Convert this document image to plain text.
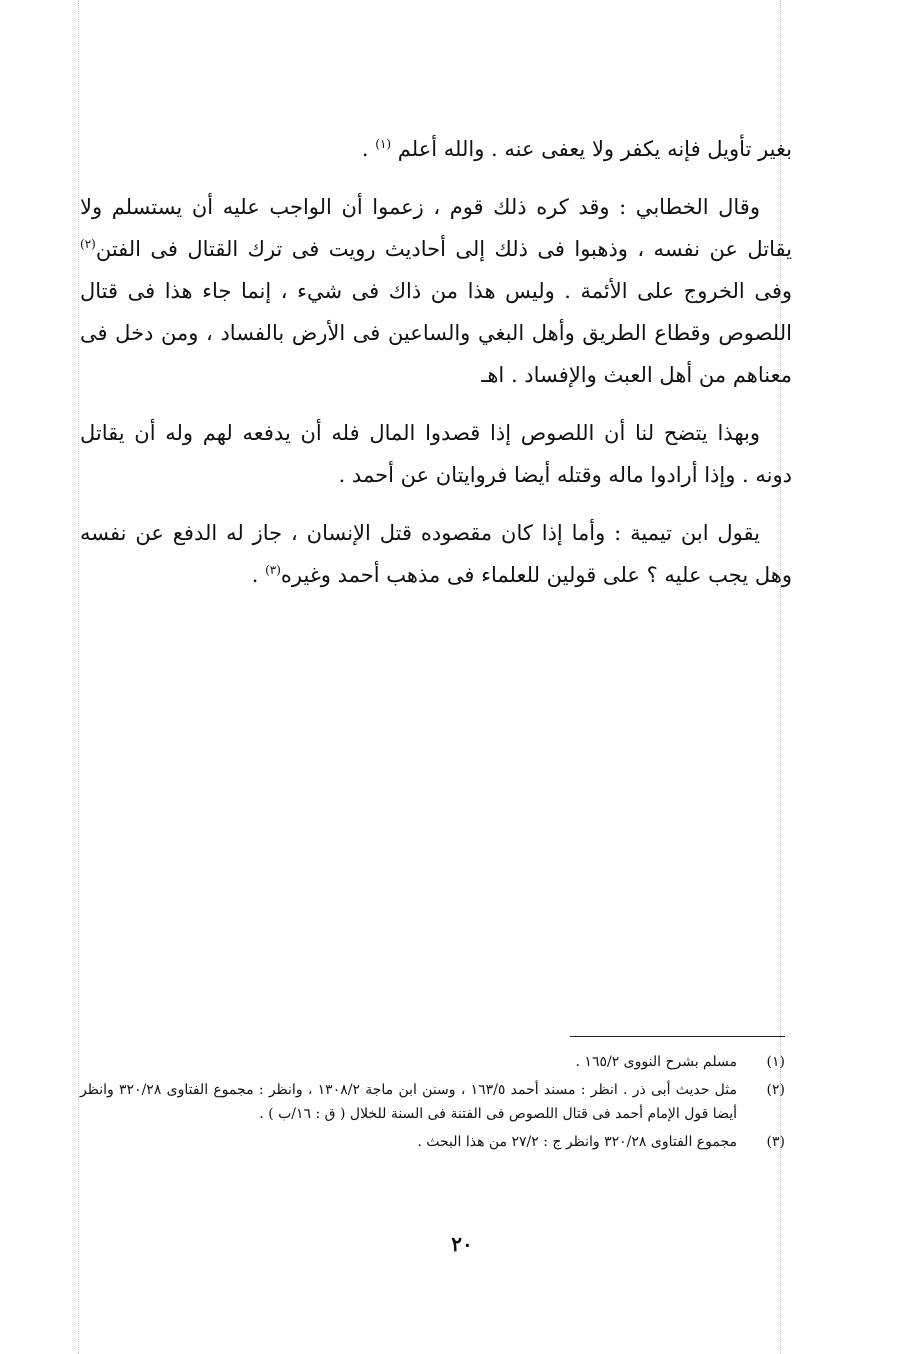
بغير تأويل فإنه يكفر ولا يعفى عنه . والله أعلم $^{(١)}$ .

وقال الخطابي : وقد كره ذلك قوم ، زعموا أن الواجب عليه أن يستسلم ولا يقاتل عن نفسه ، وذهبوا فى ذلك إلى أحاديث رويت فى ترك القتال فى الفتن$^{(٢)}$ وفى الخروج على الأئمة . وليس هذا من ذاك فى شيء ، إنما جاء هذا فى قتال اللصوص وقطاع الطريق وأهل البغي والساعين فى الأرض بالفساد ، ومن دخل فى معناهم من أهل العبث والإفساد . اهـ

وبهذا يتضح لنا أن اللصوص إذا قصدوا المال فله أن يدفعه لهم وله أن يقاتل دونه . وإذا أرادوا ماله وقتله أيضا فروايتان عن أحمد .

يقول ابن تيمية : وأما إذا كان مقصوده قتل الإنسان ، جاز له الدفع عن نفسه وهل يجب عليه ؟ على قولين للعلماء فى مذهب أحمد وغيره$^{(٣)}$ .

(١)
مسلم بشرح النووى ١٦٥/٢ .
(٢)
مثل حديث أبى ذر . انظر : مسند أحمد ١٦٣/٥ ، وسنن ابن ماجة ١٣٠٨/٢ ، وانظر : مجموع الفتاوى ٣٢٠/٢٨ وانظر أيضا قول الإمام أحمد فى قتال اللصوص فى الفتنة فى السنة للخلال ( ق : ١٦/ب ) .
(٣)
مجموع الفتاوى ٣٢٠/٢٨ وانظر ج : ٢٧/٢ من هذا البحث .
٢٠
